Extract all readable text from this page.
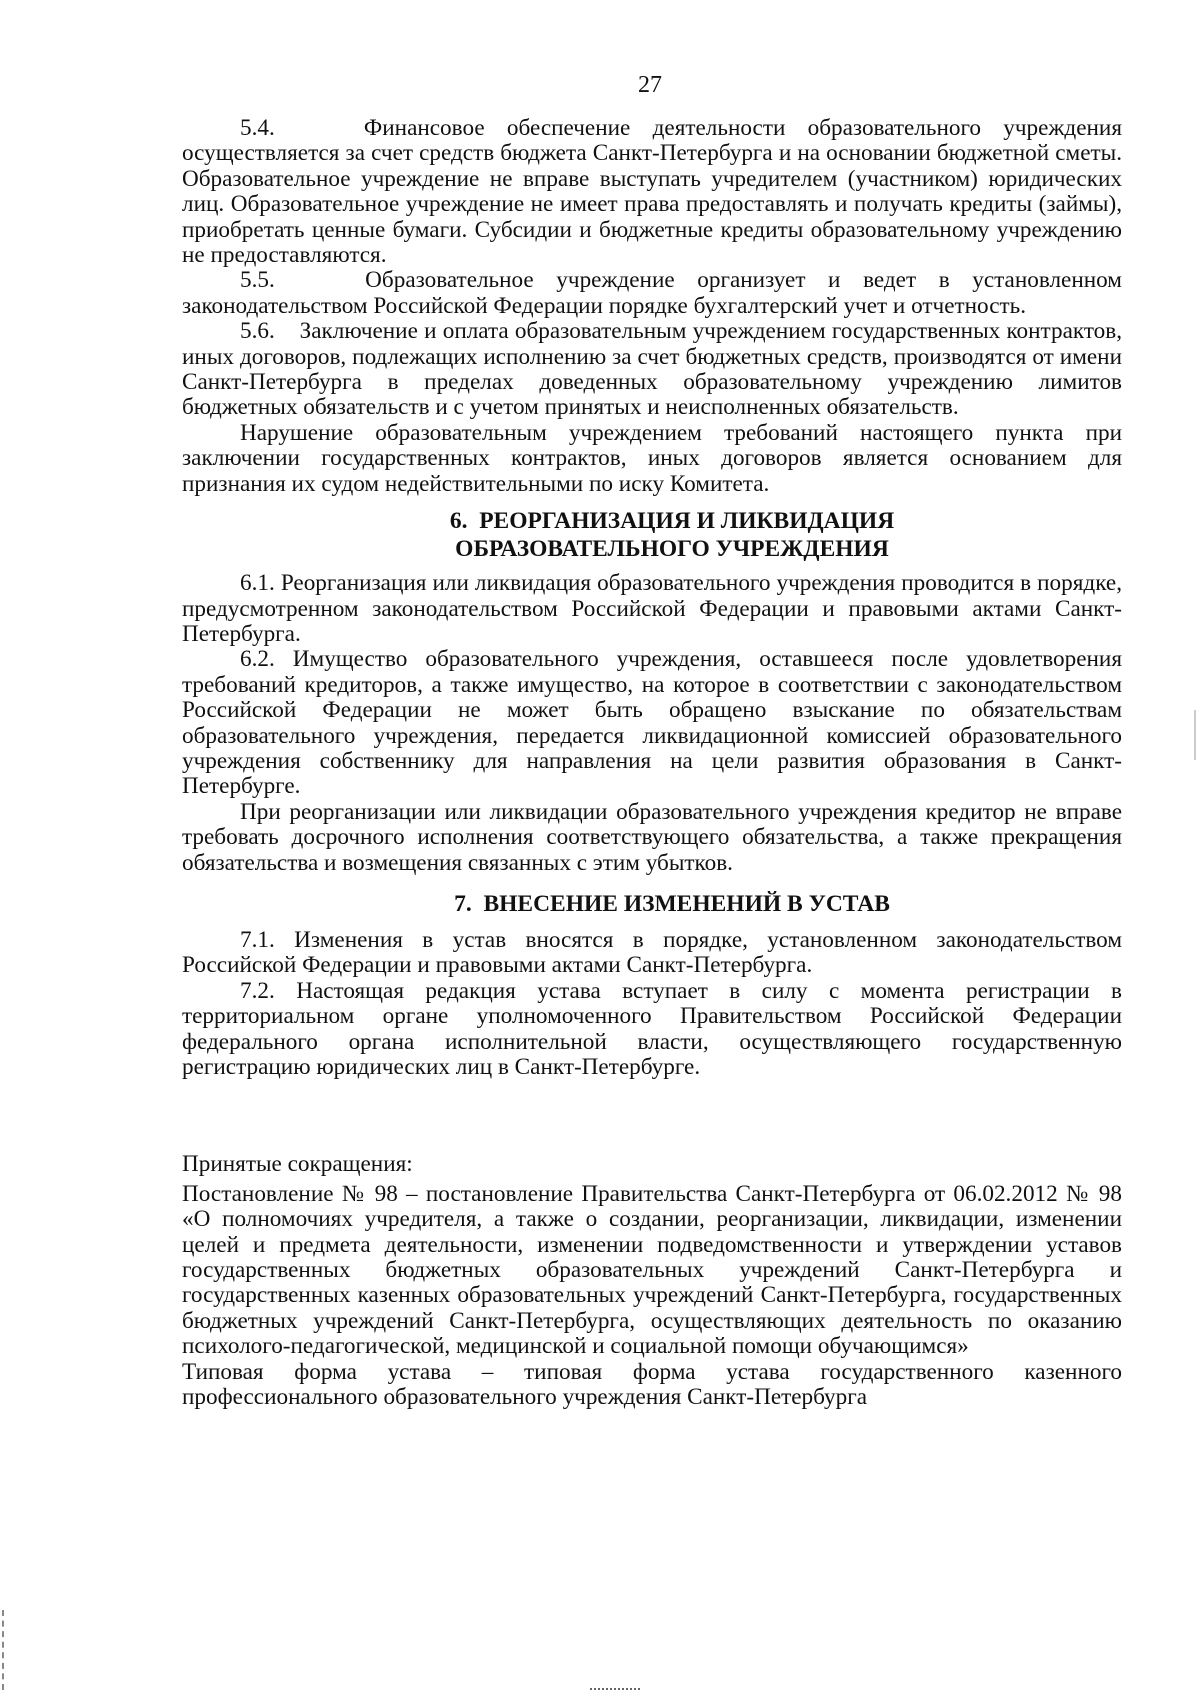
27

5.4.    Финансовое обеспечение деятельности образовательного учреждения осуществляется за счет средств бюджета Санкт-Петербурга и на основании бюджетной сметы. Образовательное учреждение не вправе выступать учредителем (участником) юридических лиц. Образовательное учреждение не имеет права предоставлять и получать кредиты (займы), приобретать ценные бумаги. Субсидии и бюджетные кредиты образовательному учреждению не предоставляются.

5.5.    Образовательное учреждение организует и ведет в установленном законодательством Российской Федерации порядке бухгалтерский учет и отчетность.

5.6.    Заключение и оплата образовательным учреждением государственных контрактов, иных договоров, подлежащих исполнению за счет бюджетных средств, производятся от имени Санкт-Петербурга в пределах доведенных образовательному учреждению лимитов бюджетных обязательств и с учетом принятых и неисполненных обязательств.

Нарушение образовательным учреждением требований настоящего пункта при заключении государственных контрактов, иных договоров является основанием для признания их судом недействительными по иску Комитета.

6.  РЕОРГАНИЗАЦИЯ И ЛИКВИДАЦИЯ
ОБРАЗОВАТЕЛЬНОГО УЧРЕЖДЕНИЯ

6.1. Реорганизация или ликвидация образовательного учреждения проводится в порядке, предусмотренном законодательством Российской Федерации и правовыми актами Санкт-Петербурга.

6.2. Имущество образовательного учреждения, оставшееся после удовлетворения требований кредиторов, а также имущество, на которое в соответствии с законодательством Российской Федерации не может быть обращено взыскание по обязательствам образовательного учреждения, передается ликвидационной комиссией образовательного учреждения собственнику для направления на цели развития образования в Санкт-Петербурге.

При реорганизации или ликвидации образовательного учреждения кредитор не вправе требовать досрочного исполнения соответствующего обязательства, а также прекращения обязательства и возмещения связанных с этим убытков.

7.  ВНЕСЕНИЕ ИЗМЕНЕНИЙ В УСТАВ

7.1. Изменения в устав вносятся в порядке, установленном законодательством Российской Федерации и правовыми актами Санкт-Петербурга.

7.2. Настоящая редакция устава вступает в силу с момента регистрации в территориальном органе уполномоченного Правительством Российской Федерации федерального органа исполнительной власти, осуществляющего государственную регистрацию юридических лиц в Санкт-Петербурге.

Принятые сокращения:

Постановление № 98 – постановление Правительства Санкт-Петербурга от 06.02.2012 № 98 «О полномочиях учредителя, а также о создании, реорганизации, ликвидации, изменении целей и предмета деятельности, изменении подведомственности и утверждении уставов государственных бюджетных образовательных учреждений Санкт-Петербурга и государственных казенных образовательных учреждений Санкт-Петербурга, государственных бюджетных учреждений Санкт-Петербурга, осуществляющих деятельность по оказанию психолого-педагогической, медицинской и социальной помощи обучающимся»

Типовая форма устава – типовая форма устава государственного казенного профессионального образовательного учреждения Санкт-Петербурга
